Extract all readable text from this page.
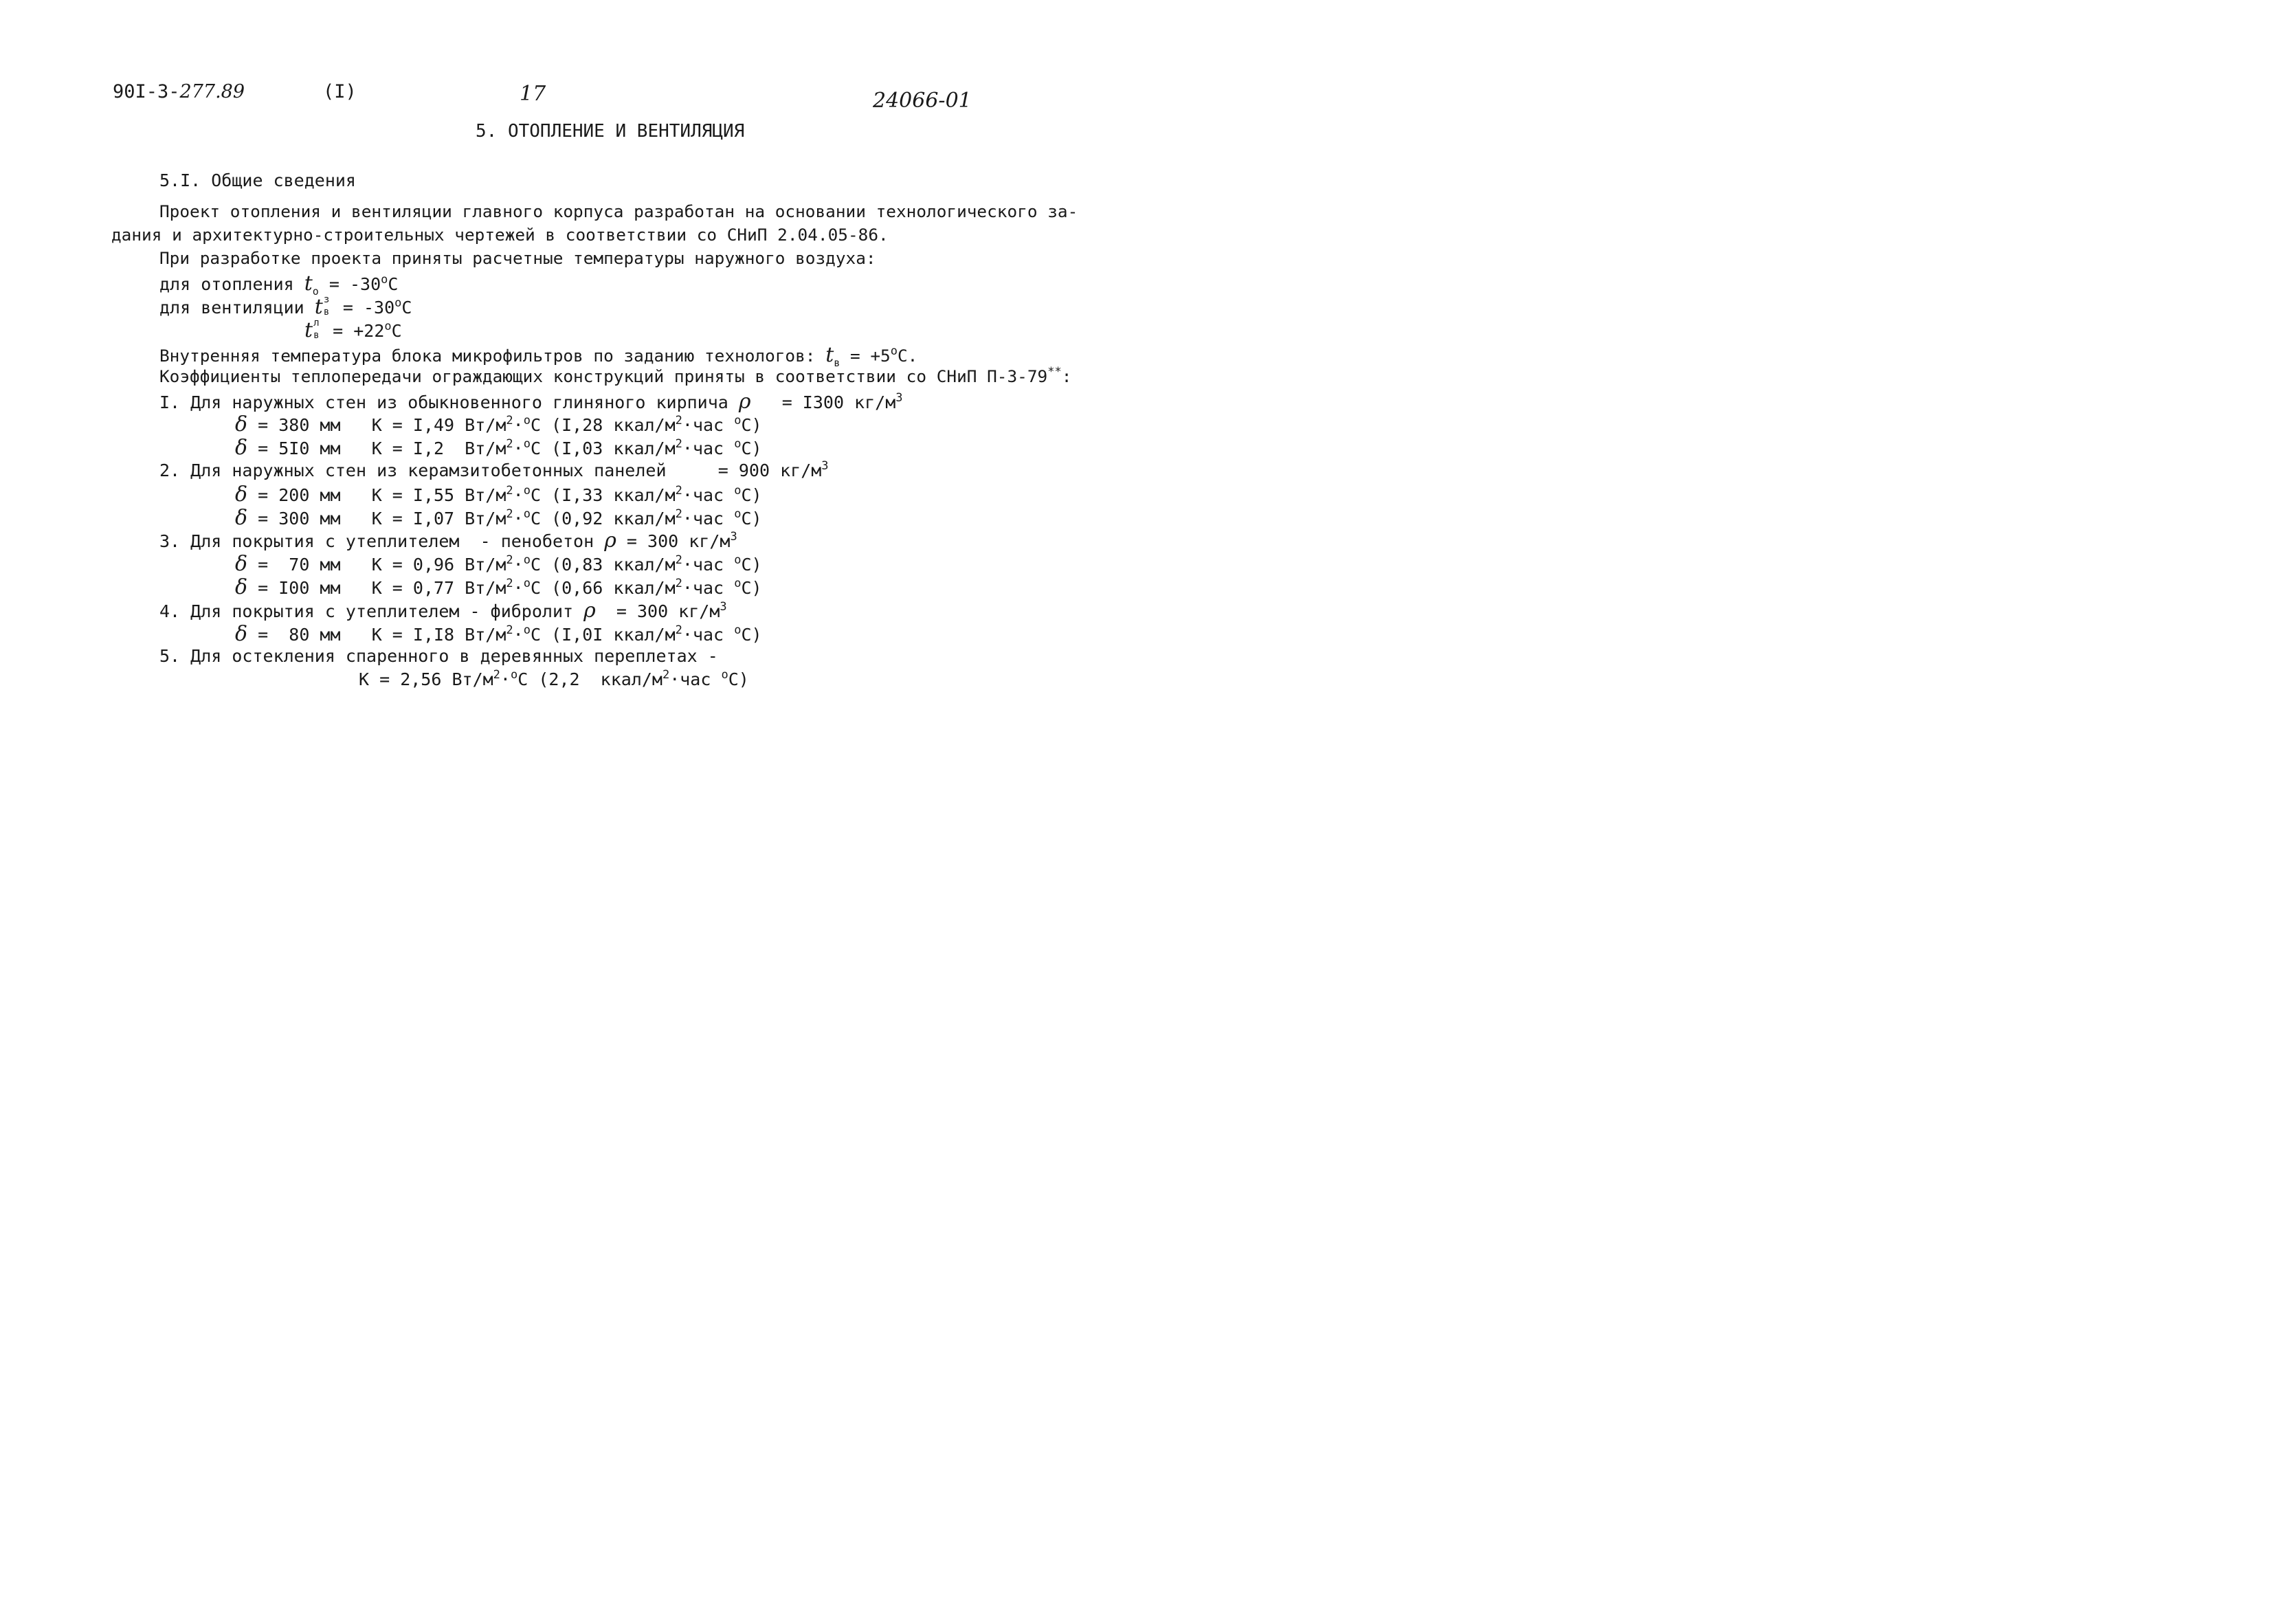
90I-3-277.89	(I)	17	24066-01
5. ОТОПЛЕНИЕ И ВЕНТИЛЯЦИЯ
5.I. Общие сведения
Проект отопления и вентиляции главного корпуса разработан на основании технологического за-
дания и архитектурно-строительных чертежей в соответствии со СНиП 2.04.05-86.
При разработке проекта приняты расчетные температуры наружного воздуха:
для отопления $t_o = -30^oC$
для вентиляции t з
$в = -30^oC$
t л
$в = +22^oC$
Внутренняя температура блока микрофильтров по заданию технологов: $t_в = +5^oC$.
Коэффициенты теплопередачи ограждающих конструкций приняты в соответствии со СНиП П-3-79**:
I. Для наружных стен из обыкновенного глиняного кирпича ρ = I300 $кг/м^3$
δ = 380 мм К = I,49 $Вт/м^2\cdot^oC$ (I,28 ккал/$м^2\cdot час$ $^o$C)
δ = 5I0 мм К = I,2  $Вт/м^2\cdot^oC$ (I,03 ккал/$м^2\cdot час$ $^o$C)
2. Для наружных стен из керамзитобетонных панелей	= 900 $кг/м^3$
δ = 200 мм К = I,55 $Вт/м^2\cdot^oC$ (I,33 ккал/$м^2\cdot час$ $^o$C)
δ = 300 мм К = I,07 $Вт/м^2\cdot^oC$ (0,92 ккал/$м^2\cdot час$ $^o$C)
3. Для покрытия с утеплителем  - пенобетон ρ = 300 $кг/м^3$
δ =  70 мм К = 0,96 $Вт/м^2\cdot^oC$ (0,83 ккал/$м^2\cdot час$ $^o$C)
δ = I00 мм К = 0,77 $Вт/м^2\cdot^oC$ (0,66 ккал/$м^2\cdot час$ $^o$C)
4. Для покрытия с утеплителем - фибролит ρ = 300 $кг/м^3$
δ =  80 мм К = I,I8 $Вт/м^2\cdot^oC$ (I,0I ккал/$м^2\cdot час$ $^o$C)
5. Для остекления спаренного в деревянных переплетах -
К = 2,56 $Вт/м^2\cdot^oC$ (2,2  ккал/$м^2\cdot час$ $^o$C)
